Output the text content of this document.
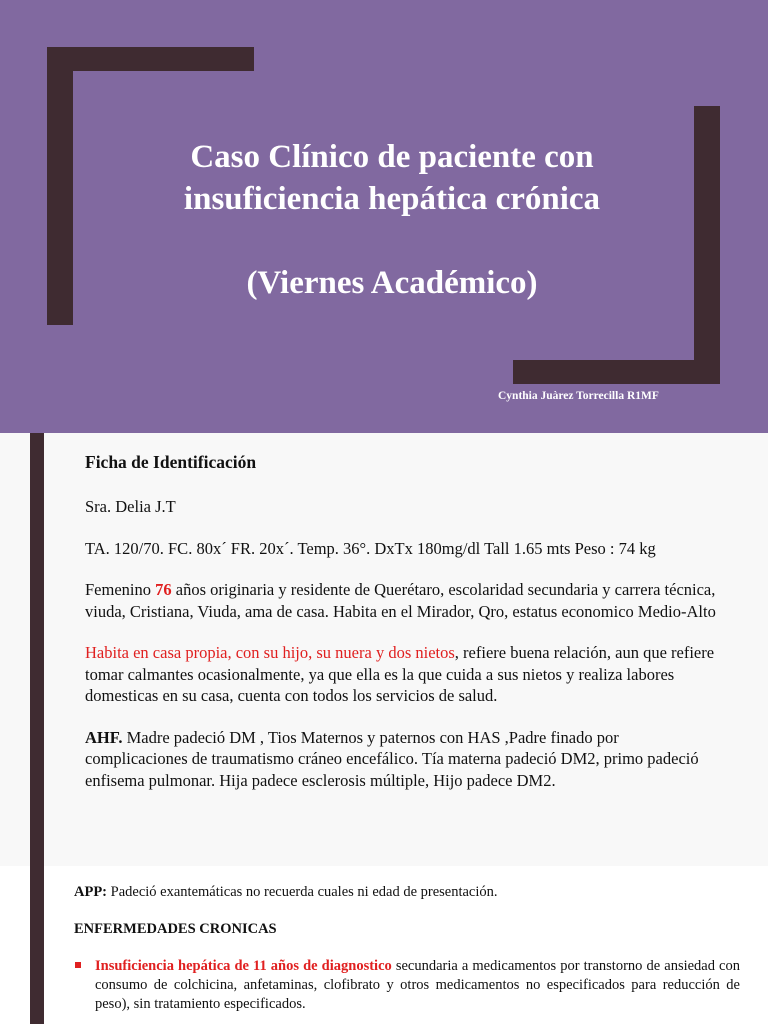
Caso Clínico de paciente con
insuficiencia hepática crónica
(Viernes Académico)
Cynthia Juàrez Torrecilla R1MF
Ficha de Identificación

Sra. Delia J.T

TA. 120/70. FC. 80x´ FR. 20x´. Temp. 36°. DxTx 180mg/dl Tall 1.65 mts Peso : 74 kg

Femenino 76 años originaria y residente de Querétaro, escolaridad secundaria y carrera técnica, viuda, Cristiana, Viuda, ama de casa. Habita en el Mirador, Qro, estatus economico Medio-Alto

Habita en casa propia, con su hijo, su nuera y dos nietos, refiere buena relación, aun que refiere tomar calmantes ocasionalmente, ya que ella es la que cuida a sus nietos y realiza labores domesticas en su casa, cuenta con todos los servicios de salud.

AHF. Madre padeció DM , Tios Maternos y paternos con HAS ,Padre finado por complicaciones de traumatismo cráneo encefálico. Tía materna padeció DM2, primo padeció enfisema pulmonar. Hija padece esclerosis múltiple, Hijo padece DM2.

APP: Padeció exantemáticas no recuerda cuales ni edad de presentación.

ENFERMEDADES CRONICAS

Insuficiencia hepática de 11 años de diagnostico secundaria a medicamentos por transtorno de ansiedad con consumo de colchicina, anfetaminas, clofibrato y otros medicamentos no especificados para reducción de peso), sin tratamiento especificados.
